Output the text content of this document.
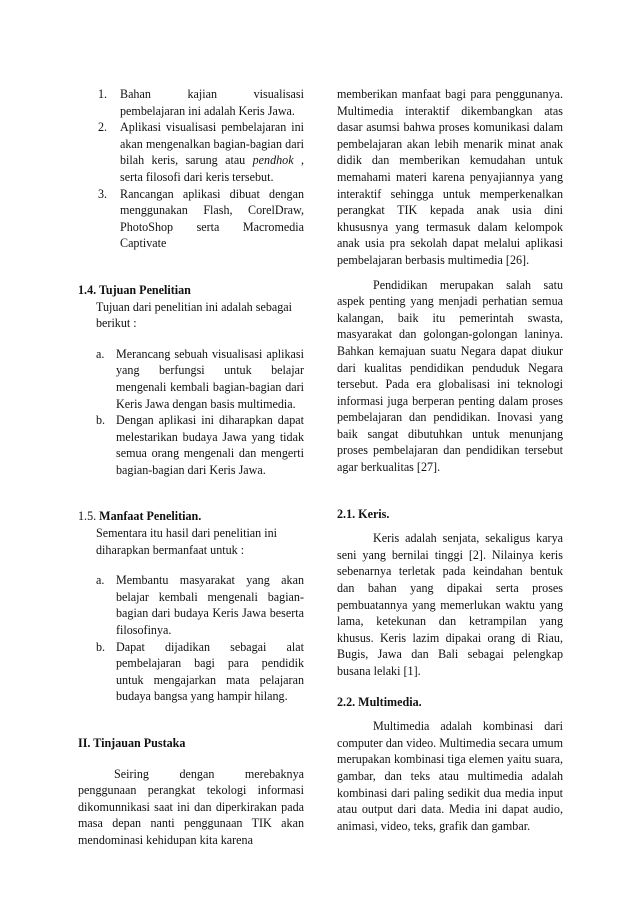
1. Bahan kajian visualisasi pembelajaran ini adalah Keris Jawa.
2. Aplikasi visualisasi pembelajaran ini akan mengenalkan bagian-bagian dari bilah keris, sarung atau pendhok , serta filosofi dari keris tersebut.
3. Rancangan aplikasi dibuat dengan menggunakan Flash, CorelDraw, PhotoShop serta Macromedia Captivate

1.4. Tujuan Penelitian

Tujuan dari penelitian ini adalah sebagai berikut :

a. Merancang sebuah visualisasi aplikasi yang berfungsi untuk belajar mengenali kembali bagian-bagian dari Keris Jawa dengan basis multimedia.
b. Dengan aplikasi ini diharapkan dapat melestarikan budaya Jawa yang tidak semua orang mengenali dan mengerti bagian-bagian dari Keris Jawa.

1.5. Manfaat Penelitian.

Sementara itu hasil dari penelitian ini diharapkan bermanfaat untuk :

a. Membantu masyarakat yang akan belajar kembali mengenali bagian-bagian dari budaya Keris Jawa beserta filosofinya.
b. Dapat dijadikan sebagai alat pembelajaran bagi para pendidik untuk mengajarkan mata pelajaran budaya bangsa yang hampir hilang.

II. Tinjauan Pustaka

Seiring dengan merebaknya penggunaan perangkat tekologi informasi dikomunnikasi saat ini dan diperkirakan pada masa depan nanti penggunaan TIK akan mendominasi kehidupan kita karena

memberikan manfaat bagi para penggunanya. Multimedia interaktif dikembangkan atas dasar asumsi bahwa proses komunikasi dalam pembelajaran akan lebih menarik minat anak didik dan memberikan kemudahan untuk memahami materi karena penyajiannya yang interaktif sehingga untuk memperkenalkan perangkat TIK kepada anak usia dini khususnya yang termasuk dalam kelompok anak usia pra sekolah dapat melalui aplikasi pembelajaran berbasis multimedia [26].

Pendidikan merupakan salah satu aspek penting yang menjadi perhatian semua kalangan, baik itu pemerintah swasta, masyarakat dan golongan-golongan laninya. Bahkan kemajuan suatu Negara dapat diukur dari kualitas pendidikan penduduk Negara tersebut. Pada era globalisasi ini teknologi informasi juga berperan penting dalam proses pembelajaran dan pendidikan. Inovasi yang baik sangat dibutuhkan untuk menunjang proses pembelajaran dan pendidikan tersebut agar berkualitas [27].

2.1. Keris.

Keris adalah senjata, sekaligus karya seni yang bernilai tinggi [2]. Nilainya keris sebenarnya terletak pada keindahan bentuk dan bahan yang dipakai serta proses pembuatannya yang memerlukan waktu yang lama, ketekunan dan ketrampilan yang khusus. Keris lazim dipakai orang di Riau, Bugis, Jawa dan Bali sebagai pelengkap busana lelaki [1].

2.2. Multimedia.

Multimedia adalah kombinasi dari computer dan video. Multimedia secara umum merupakan kombinasi tiga elemen yaitu suara, gambar, dan teks atau multimedia adalah kombinasi dari paling sedikit dua media input atau output dari data. Media ini dapat audio, animasi, video, teks, grafik dan gambar.
